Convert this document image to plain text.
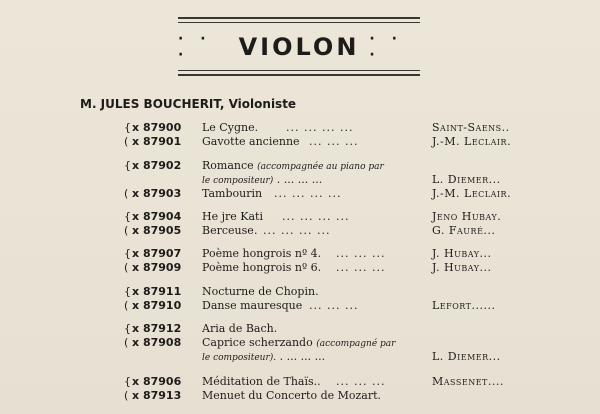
· · ·	VIOLON · · ·
M. JULES BOUCHERIT, Violoniste
{ x 87900 Le Cygne.	... ... ... ...	Saint-Saens..
( x 87901 Gavotte ancienne ... ... ...	J.-M. Leclair.
{ x 87902 Romance (accompagnée au piano par
le compositeur) . ... ... ...	L. Diemer...
( x 87903 Tambourin ... ... ... ...	J.-M. Leclair.
{ x 87904 He jre Kati ... ... ... ...	Jeno Hubay.
( x 87905 Berceuse . ... ... ... ...	G. Fauré...
{ x 87907 Poème hongrois nº 4. ... ... ...	J. Hubay...
( x 87909 Poème hongrois nº 6. ... ... ...	J. Hubay...
{ x 87911 Nocturne de Chopin.
( x 87910 Danse mauresque ... ... ...	Lefort......
{ x 87912 Aria de Bach.
( x 87908 Caprice scherzando (accompagné par
le compositeur). . ... ... ...	L. Diemer...
{ x 87906 Méditation de Thaïs.. ... ... ...	Massenet....
( x 87913 Menuet du Concerto de Mozart.
